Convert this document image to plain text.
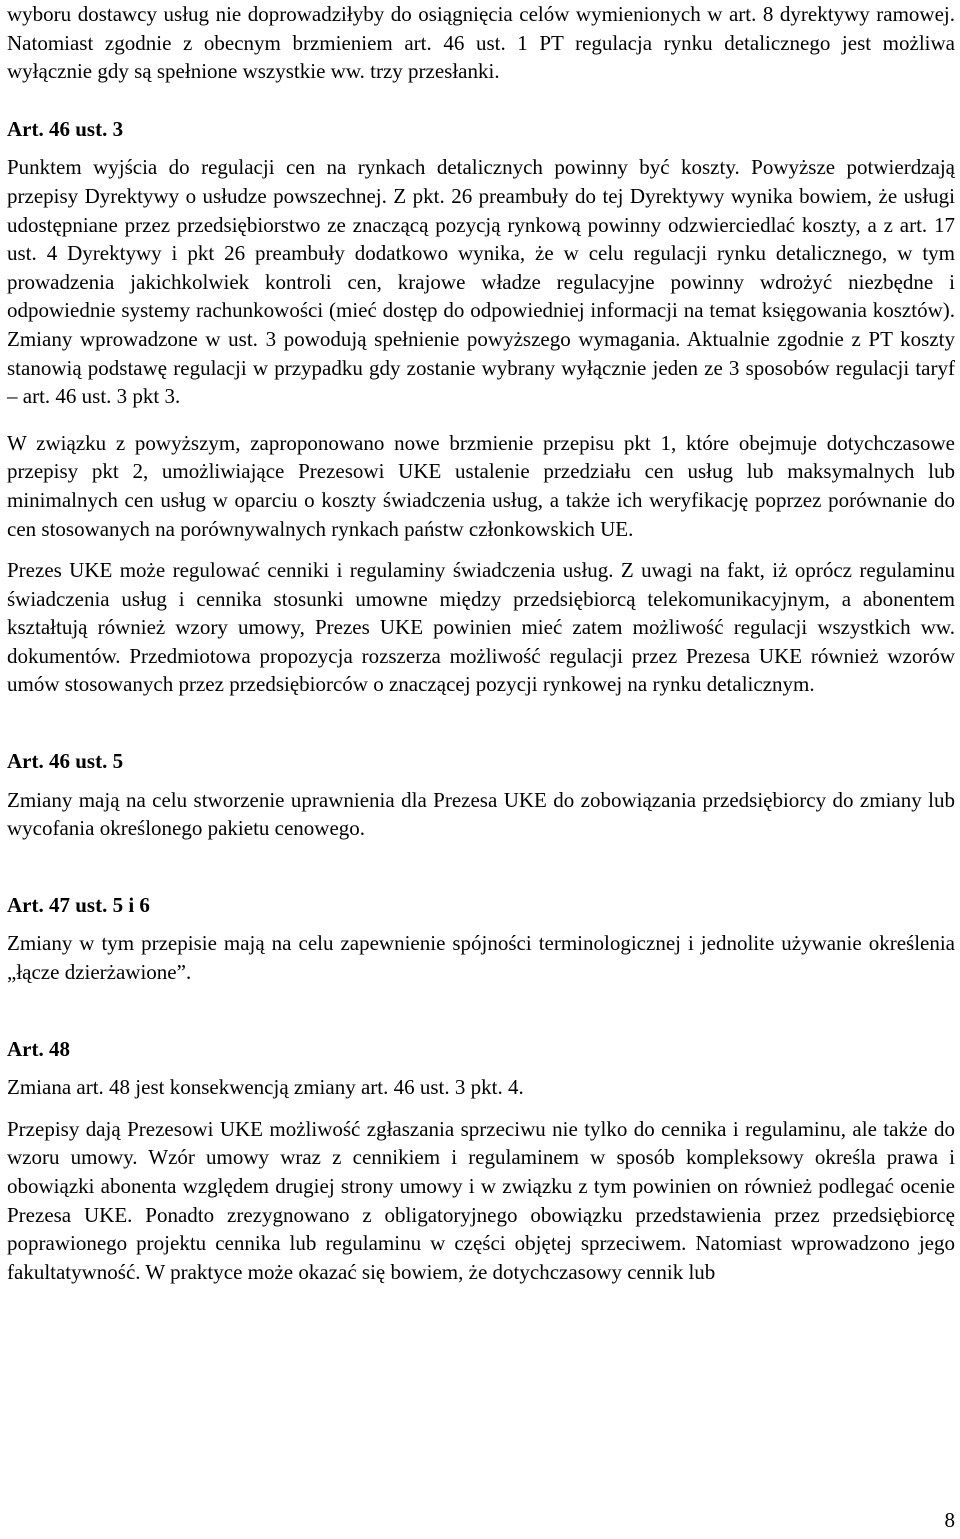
wyboru dostawcy usług nie doprowadziłyby do osiągnięcia celów wymienionych w art. 8 dyrektywy ramowej. Natomiast zgodnie z obecnym brzmieniem art. 46 ust. 1 PT regulacja rynku detalicznego jest możliwa wyłącznie gdy są spełnione wszystkie ww. trzy przesłanki.

Art. 46 ust. 3

Punktem wyjścia do regulacji cen na rynkach detalicznych powinny być koszty. Powyższe potwierdzają przepisy Dyrektywy o usłudze powszechnej. Z pkt. 26 preambuły do tej Dyrektywy wynika bowiem, że usługi udostępniane przez przedsiębiorstwo ze znaczącą pozycją rynkową powinny odzwierciedlać koszty, a z art. 17 ust. 4 Dyrektywy i pkt 26 preambuły dodatkowo wynika, że w celu regulacji rynku detalicznego, w tym prowadzenia jakichkolwiek kontroli cen, krajowe władze regulacyjne powinny wdrożyć niezbędne i odpowiednie systemy rachunkowości (mieć dostęp do odpowiedniej informacji na temat księgowania kosztów). Zmiany wprowadzone w ust. 3 powodują spełnienie powyższego wymagania. Aktualnie zgodnie z PT koszty stanowią podstawę regulacji w przypadku gdy zostanie wybrany wyłącznie jeden ze 3 sposobów regulacji taryf – art. 46 ust. 3 pkt 3.

W związku z powyższym, zaproponowano nowe brzmienie przepisu pkt 1, które obejmuje dotychczasowe przepisy pkt 2, umożliwiające Prezesowi UKE ustalenie przedziału cen usług lub maksymalnych lub minimalnych cen usług w oparciu o koszty świadczenia usług, a także ich weryfikację poprzez porównanie do cen stosowanych na porównywalnych rynkach państw członkowskich UE.

Prezes UKE może regulować cenniki i regulaminy świadczenia usług. Z uwagi na fakt, iż oprócz regulaminu świadczenia usług i cennika stosunki umowne między przedsiębiorcą telekomunikacyjnym, a abonentem kształtują również wzory umowy, Prezes UKE powinien mieć zatem możliwość regulacji wszystkich ww. dokumentów. Przedmiotowa propozycja rozszerza możliwość regulacji przez Prezesa UKE również wzorów umów stosowanych przez przedsiębiorców o znaczącej pozycji rynkowej na rynku detalicznym.

Art. 46 ust. 5

Zmiany mają na celu stworzenie uprawnienia dla Prezesa UKE do zobowiązania przedsiębiorcy do zmiany lub wycofania określonego pakietu cenowego.

Art. 47 ust. 5 i 6

Zmiany w tym przepisie mają na celu zapewnienie spójności terminologicznej i jednolite używanie określenia „łącze dzierżawione”.

Art. 48

Zmiana art. 48 jest konsekwencją zmiany art. 46 ust. 3 pkt. 4.

Przepisy dają Prezesowi UKE możliwość zgłaszania sprzeciwu nie tylko do cennika i regulaminu, ale także do wzoru umowy. Wzór umowy wraz z cennikiem i regulaminem w sposób kompleksowy określa prawa i obowiązki abonenta względem drugiej strony umowy i w związku z tym powinien on również podlegać ocenie Prezesa UKE. Ponadto zrezygnowano z obligatoryjnego obowiązku przedstawienia przez przedsiębiorcę poprawionego projektu cennika lub regulaminu w części objętej sprzeciwem. Natomiast wprowadzono jego fakultatywność. W praktyce może okazać się bowiem, że dotychczasowy cennik lub

8
